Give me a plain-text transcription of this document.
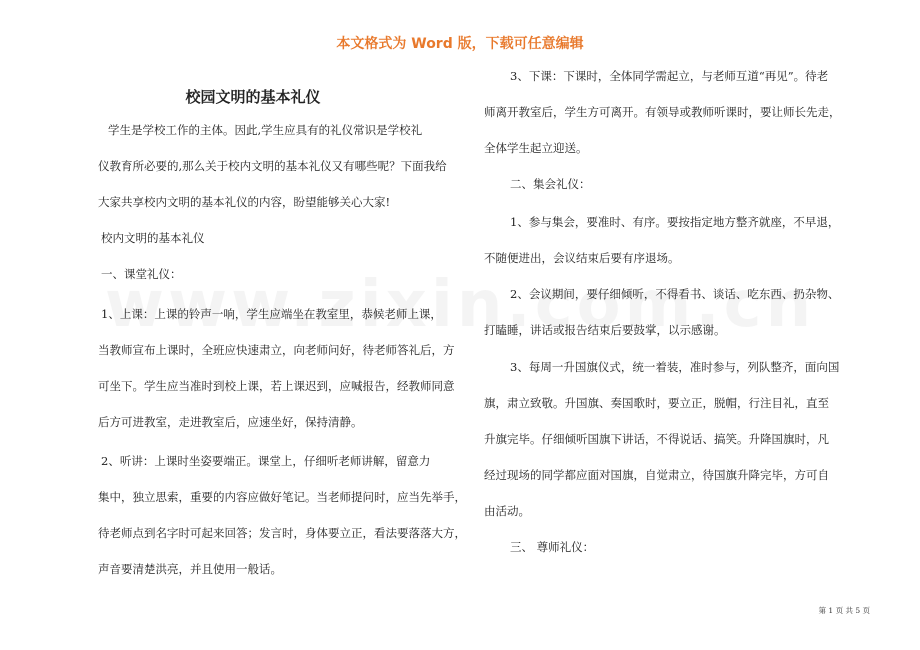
本文格式为 Word 版，下载可任意编辑
校园文明的基本礼仪
学生是学校工作的主体。因此,学生应具有的礼仪常识是学校礼
仪教育所必要的,那么关于校内文明的基本礼仪又有哪些呢？下面我给
大家共享校内文明的基本礼仪的内容，盼望能够关心大家!
校内文明的基本礼仪
一、课堂礼仪：
1、上课：上课的铃声一响，学生应端坐在教室里，恭候老师上课，
当教师宣布上课时，全班应快速肃立，向老师问好，待老师答礼后，方
可坐下。学生应当准时到校上课，若上课迟到，应喊报告，经教师同意
后方可进教室，走进教室后，应速坐好，保持清静。
2、听讲：上课时坐姿要端正。课堂上，仔细听老师讲解，留意力
集中，独立思索，重要的内容应做好笔记。当老师提问时，应当先举手，
待老师点到名字时可起来回答；发言时，身体要立正，看法要落落大方，
声音要清楚洪亮，并且使用一般话。
3、下课：下课时，全体同学需起立，与老师互道“再见”。待老
师离开教室后，学生方可离开。有领导或教师听课时，要让师长先走，
全体学生起立迎送。
二、集会礼仪：
1、参与集会，要准时、有序。要按指定地方整齐就座，不早退，
不随便进出，会议结束后要有序退场。
2、会议期间，要仔细倾听，不得看书、谈话、吃东西、扔杂物、
打瞌睡，讲话或报告结束后要鼓掌，以示感谢。
3、每周一升国旗仪式，统一着装，准时参与，列队整齐，面向国
旗，肃立致敬。升国旗、奏国歌时，要立正，脱帽，行注目礼，直至
升旗完毕。仔细倾听国旗下讲话，不得说话、搞笑。升降国旗时，凡
经过现场的同学都应面对国旗，自觉肃立，待国旗升降完毕，方可自
由活动。
三、 尊师礼仪：
第 1 页 共 5 页
